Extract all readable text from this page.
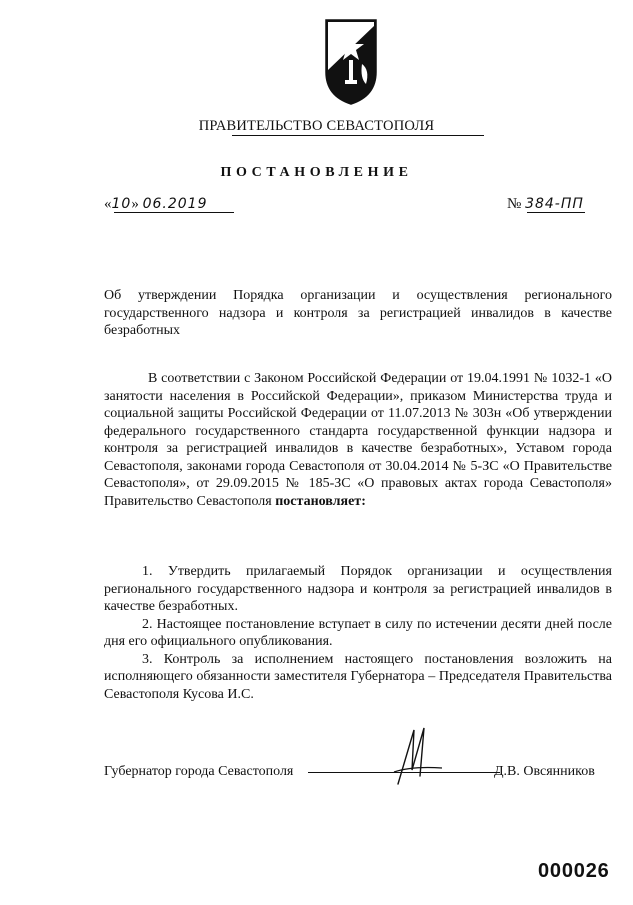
ПРАВИТЕЛЬСТВО СЕВАСТОПОЛЯ
ПОСТАНОВЛЕНИЕ
«10» 06.2019	№ 384-ПП
Об утверждении Порядка организации и осуществления регионального государственного надзора и контроля за регистрацией инвалидов в качестве безработных
В соответствии с Законом Российской Федерации от 19.04.1991 № 1032-1 «О занятости населения в Российской Федерации», приказом Министерства труда и социальной защиты Российской Федерации от 11.07.2013 № 303н «Об утверждении федерального государственного стандарта государственной функции надзора и контроля за регистрацией инвалидов в качестве безработных», Уставом города Севастополя, законами города Севастополя от 30.04.2014 № 5-ЗС «О Правительстве Севастополя», от 29.09.2015 № 185-ЗС «О правовых актах города Севастополя» Правительство Севастополя постановляет:

1. Утвердить прилагаемый Порядок организации и осуществления регионального государственного надзора и контроля за регистрацией инвалидов в качестве безработных.

2. Настоящее постановление вступает в силу по истечении десяти дней после дня его официального опубликования.

3. Контроль за исполнением настоящего постановления возложить на исполняющего обязанности заместителя Губернатора – Председателя Правительства Севастополя Кусова И.С.

Губернатор города Севастополя	Д.В. Овсянников
000026
